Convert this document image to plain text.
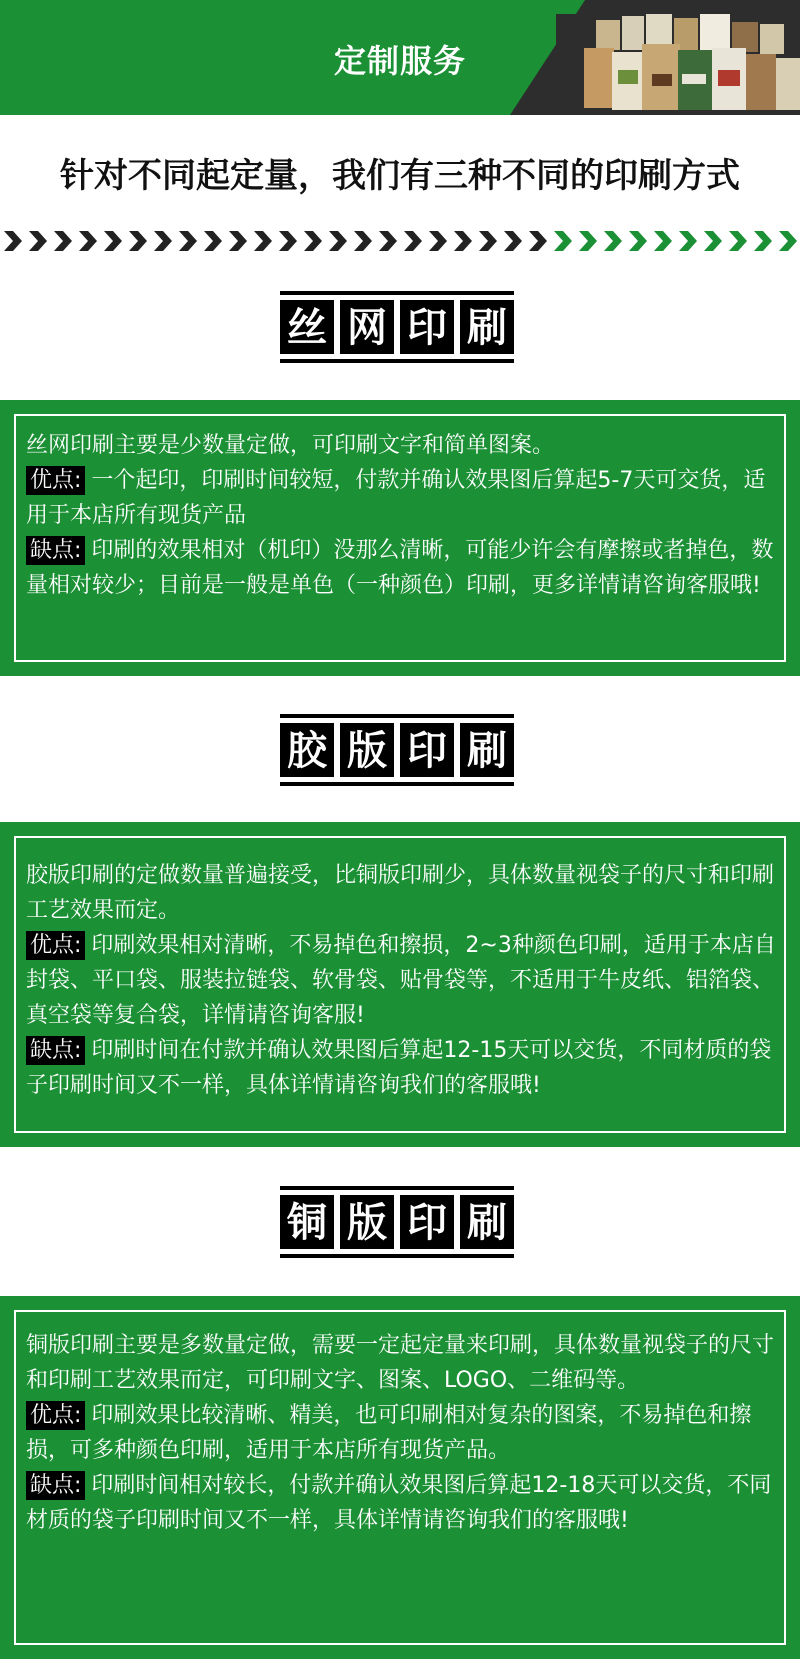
定制服务
针对不同起定量，我们有三种不同的印刷方式
丝 网 印 刷

丝网印刷主要是少数量定做，可印刷文字和简单图案。

优点: 一个起印，印刷时间较短，付款并确认效果图后算起5-7天可交货，适用于本店所有现货产品

缺点: 印刷的效果相对（机印）没那么清晰，可能少许会有摩擦或者掉色，数量相对较少；目前是一般是单色（一种颜色）印刷，更多详情请咨询客服哦!

胶 版 印 刷

胶版印刷的定做数量普遍接受，比铜版印刷少，具体数量视袋子的尺寸和印刷工艺效果而定。

优点: 印刷效果相对清晰，不易掉色和擦损，2~3种颜色印刷，适用于本店自封袋、平口袋、服装拉链袋、软骨袋、贴骨袋等，不适用于牛皮纸、铝箔袋、真空袋等复合袋，详情请咨询客服!

缺点: 印刷时间在付款并确认效果图后算起12-15天可以交货，不同材质的袋子印刷时间又不一样，具体详情请咨询我们的客服哦!

铜 版 印 刷

铜版印刷主要是多数量定做，需要一定起定量来印刷，具体数量视袋子的尺寸和印刷工艺效果而定，可印刷文字、图案、LOGO、二维码等。

优点: 印刷效果比较清晰、精美，也可印刷相对复杂的图案，不易掉色和擦损，可多种颜色印刷，适用于本店所有现货产品。

缺点: 印刷时间相对较长，付款并确认效果图后算起12-18天可以交货，不同材质的袋子印刷时间又不一样，具体详情请咨询我们的客服哦!
